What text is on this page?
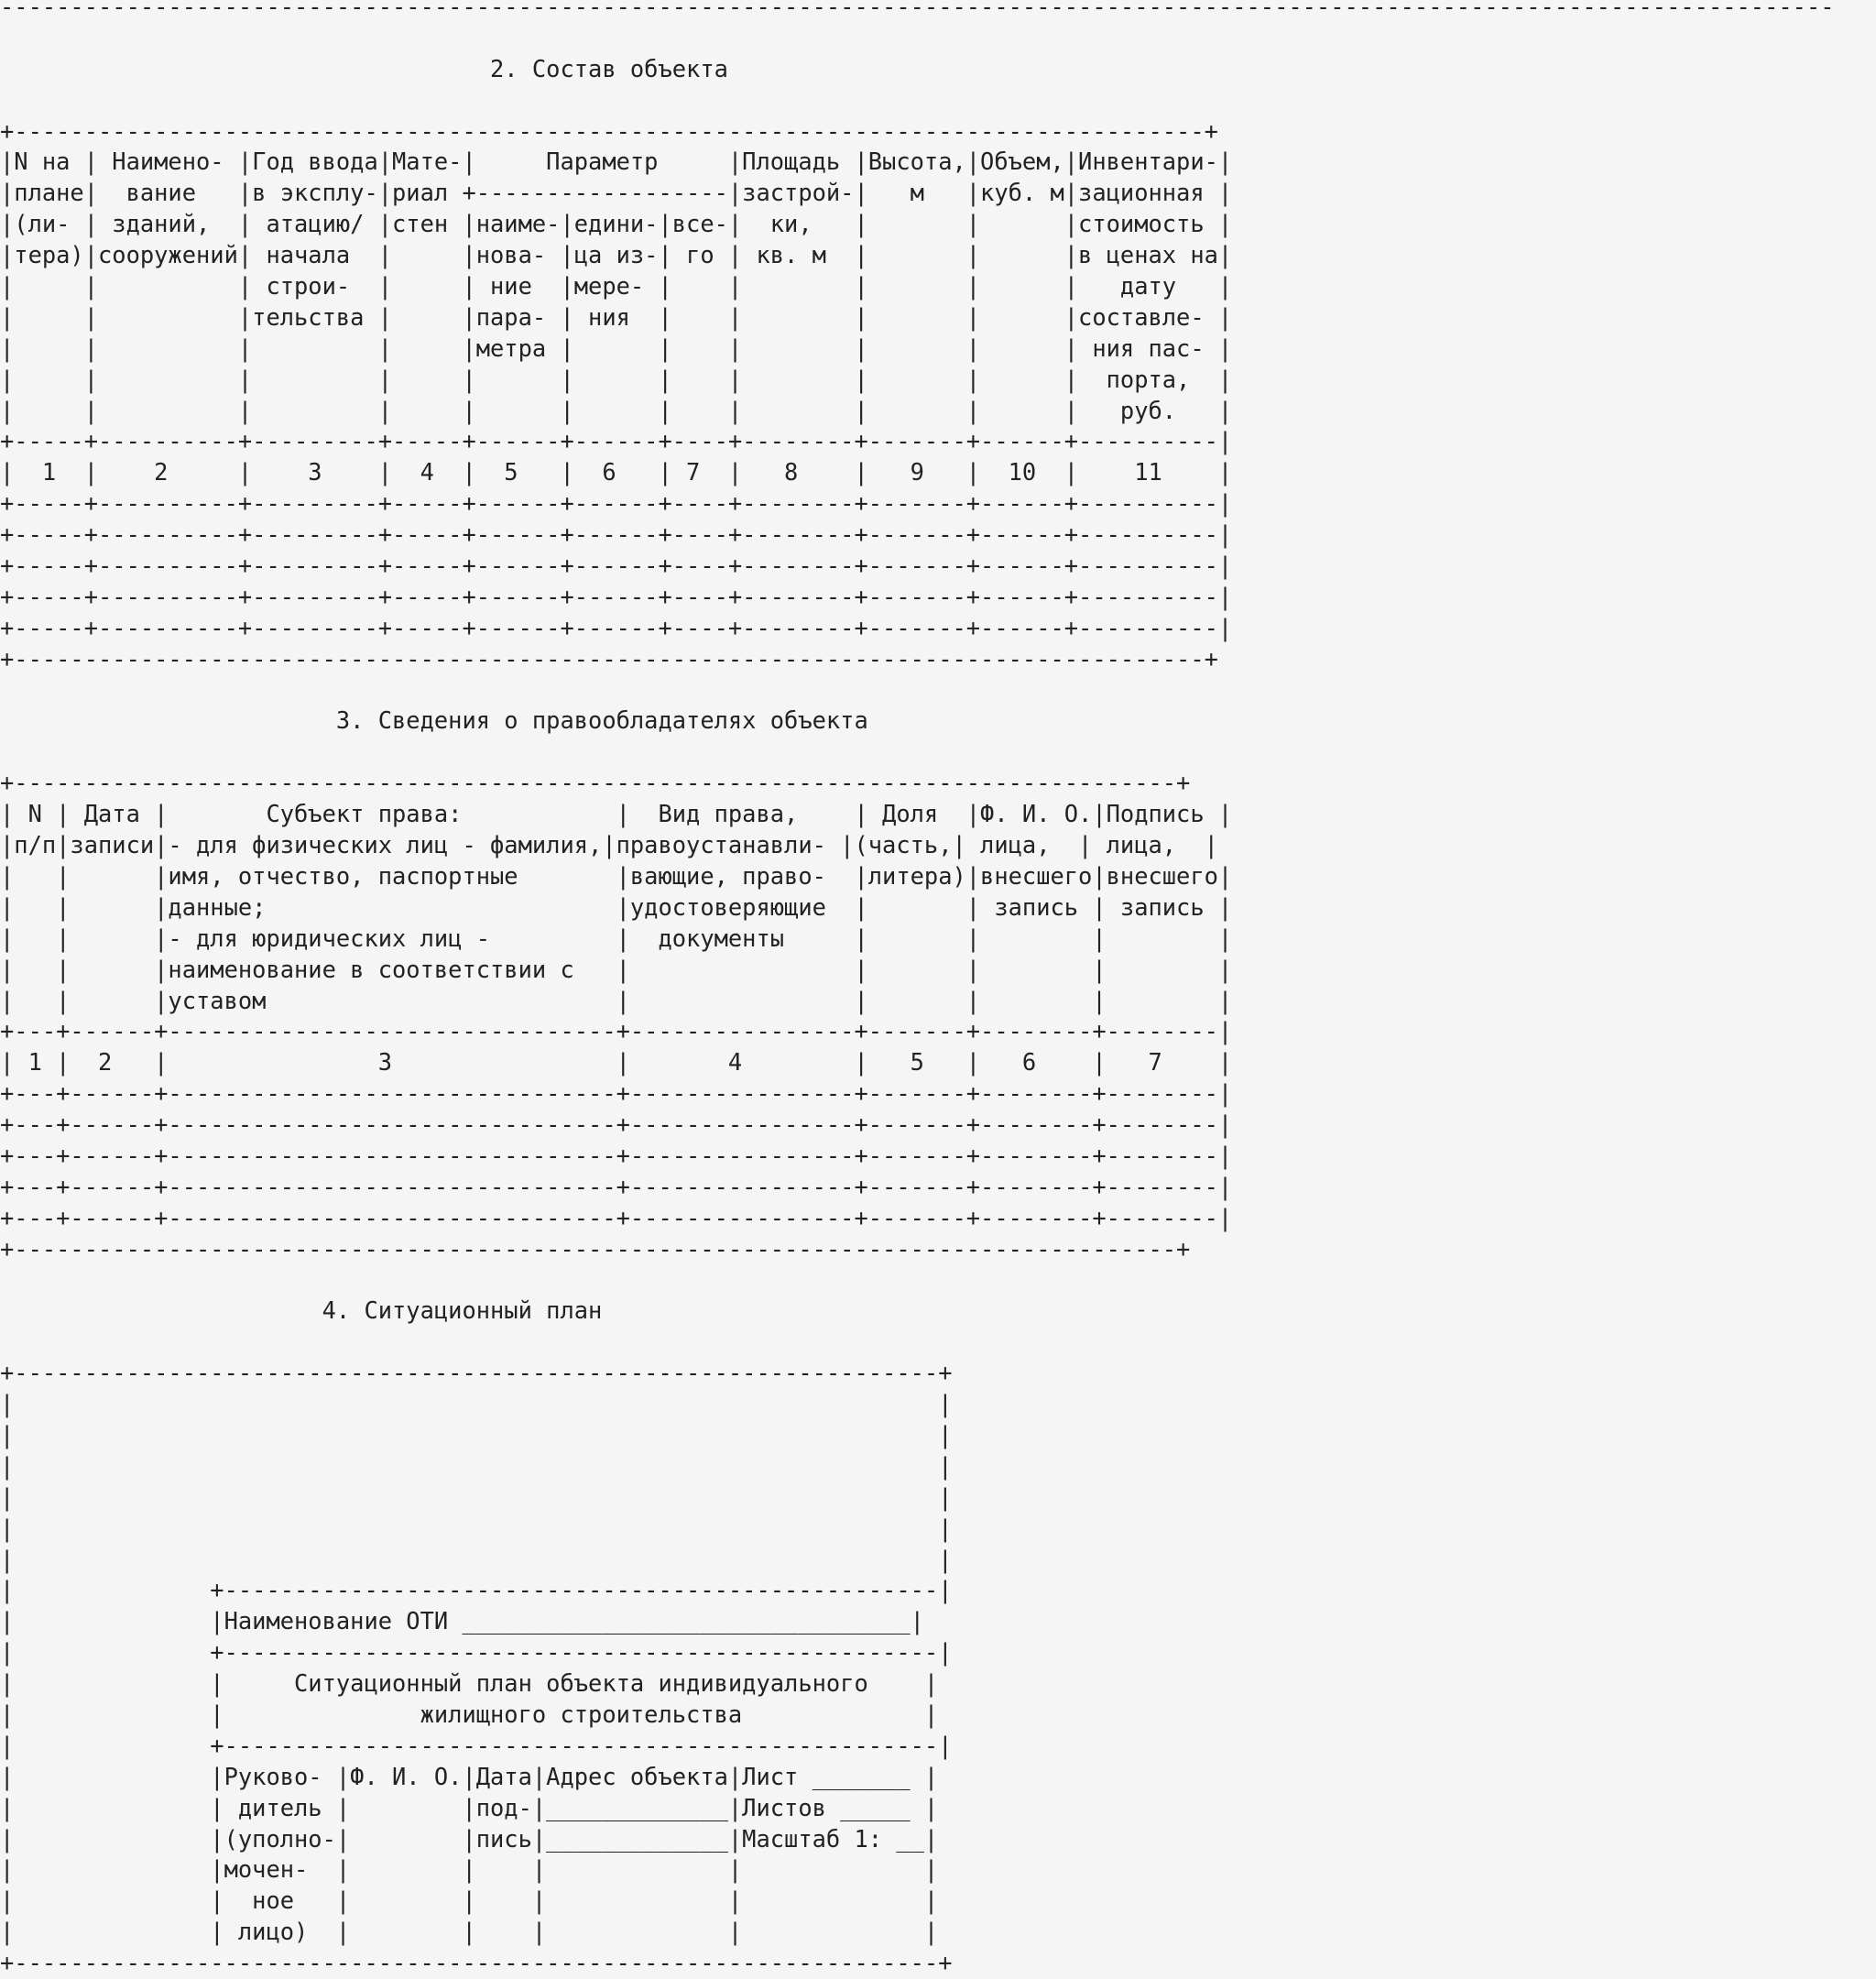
-----------------------------------------------------------------------------------------------------------------------------------

2. Состав объекта

+-------------------------------------------------------------------------------------+
|N на | Наимено- |Год ввода|Мате-|     Параметр     |Площадь |Высота,|Объем,|Инвентари-|
|плане|  вание   |в эксплу-|риал +------------------|застрой-|   м   |куб. м|зационная |
|(ли- | зданий,  | атацию/ |стен |наиме-|едини-|все-|  ки,   |       |      |стоимость |
|тера)|сооружений| начала  |     |нова- |ца из-| го | кв. м  |       |      |в ценах на|
|     |          | строи-  |     | ние  |мере- |    |        |       |      |   дату   |
|     |          |тельства |     |пара- | ния  |    |        |       |      |составле- |
|     |          |         |     |метра |      |    |        |       |      | ния пас- |
|     |          |         |     |      |      |    |        |       |      |  порта,  |
|     |          |         |     |      |      |    |        |       |      |   руб.   |
+-----+----------+---------+-----+------+------+----+--------+-------+------+----------|
|  1  |    2     |    3    |  4  |  5   |  6   | 7  |   8    |   9   |  10  |    11    |
+-----+----------+---------+-----+------+------+----+--------+-------+------+----------|
+-----+----------+---------+-----+------+------+----+--------+-------+------+----------|
+-----+----------+---------+-----+------+------+----+--------+-------+------+----------|
+-----+----------+---------+-----+------+------+----+--------+-------+------+----------|
+-----+----------+---------+-----+------+------+----+--------+-------+------+----------|
+-------------------------------------------------------------------------------------+

3. Сведения о правообладателях объекта

+-----------------------------------------------------------------------------------+
| N | Дата |       Субъект права:           |  Вид права,    | Доля  |Ф. И. О.|Подпись |
|п/п|записи|- для физических лиц - фамилия,|правоустанавли- |(часть,| лица,  | лица,  |
|   |      |имя, отчество, паспортные       |вающие, право-  |литера)|внесшего|внесшего|
|   |      |данные;                         |удостоверяющие  |       | запись | запись |
|   |      |- для юридических лиц -         |  документы     |       |        |        |
|   |      |наименование в соответствии с   |                |       |        |        |
|   |      |уставом                         |                |       |        |        |
+---+------+--------------------------------+----------------+-------+--------+--------|
| 1 |  2   |               3                |       4        |   5   |   6    |   7    |
+---+------+--------------------------------+----------------+-------+--------+--------|
+---+------+--------------------------------+----------------+-------+--------+--------|
+---+------+--------------------------------+----------------+-------+--------+--------|
+---+------+--------------------------------+----------------+-------+--------+--------|
+---+------+--------------------------------+----------------+-------+--------+--------|
+-----------------------------------------------------------------------------------+

4. Ситуационный план

+------------------------------------------------------------------+
|                                                                  |
|                                                                  |
|                                                                  |
|                                                                  |
|                                                                  |
|                                                                  |
|              +---------------------------------------------------|
|              |Наименование ОТИ ________________________________|
|              +---------------------------------------------------|
|              |     Ситуационный план объекта индивидуального    |
|              |              жилищного строительства             |
|              +---------------------------------------------------|
|              |Руково- |Ф. И. О.|Дата|Адрес объекта|Лист _______ |
|              | дитель |        |под-|_____________|Листов _____ |
|              |(уполно-|        |пись|_____________|Масштаб 1: __|
|              |мочен-  |        |    |             |             |
|              |  ное   |        |    |             |             |
|              | лицо)  |        |    |             |             |
+------------------------------------------------------------------+
